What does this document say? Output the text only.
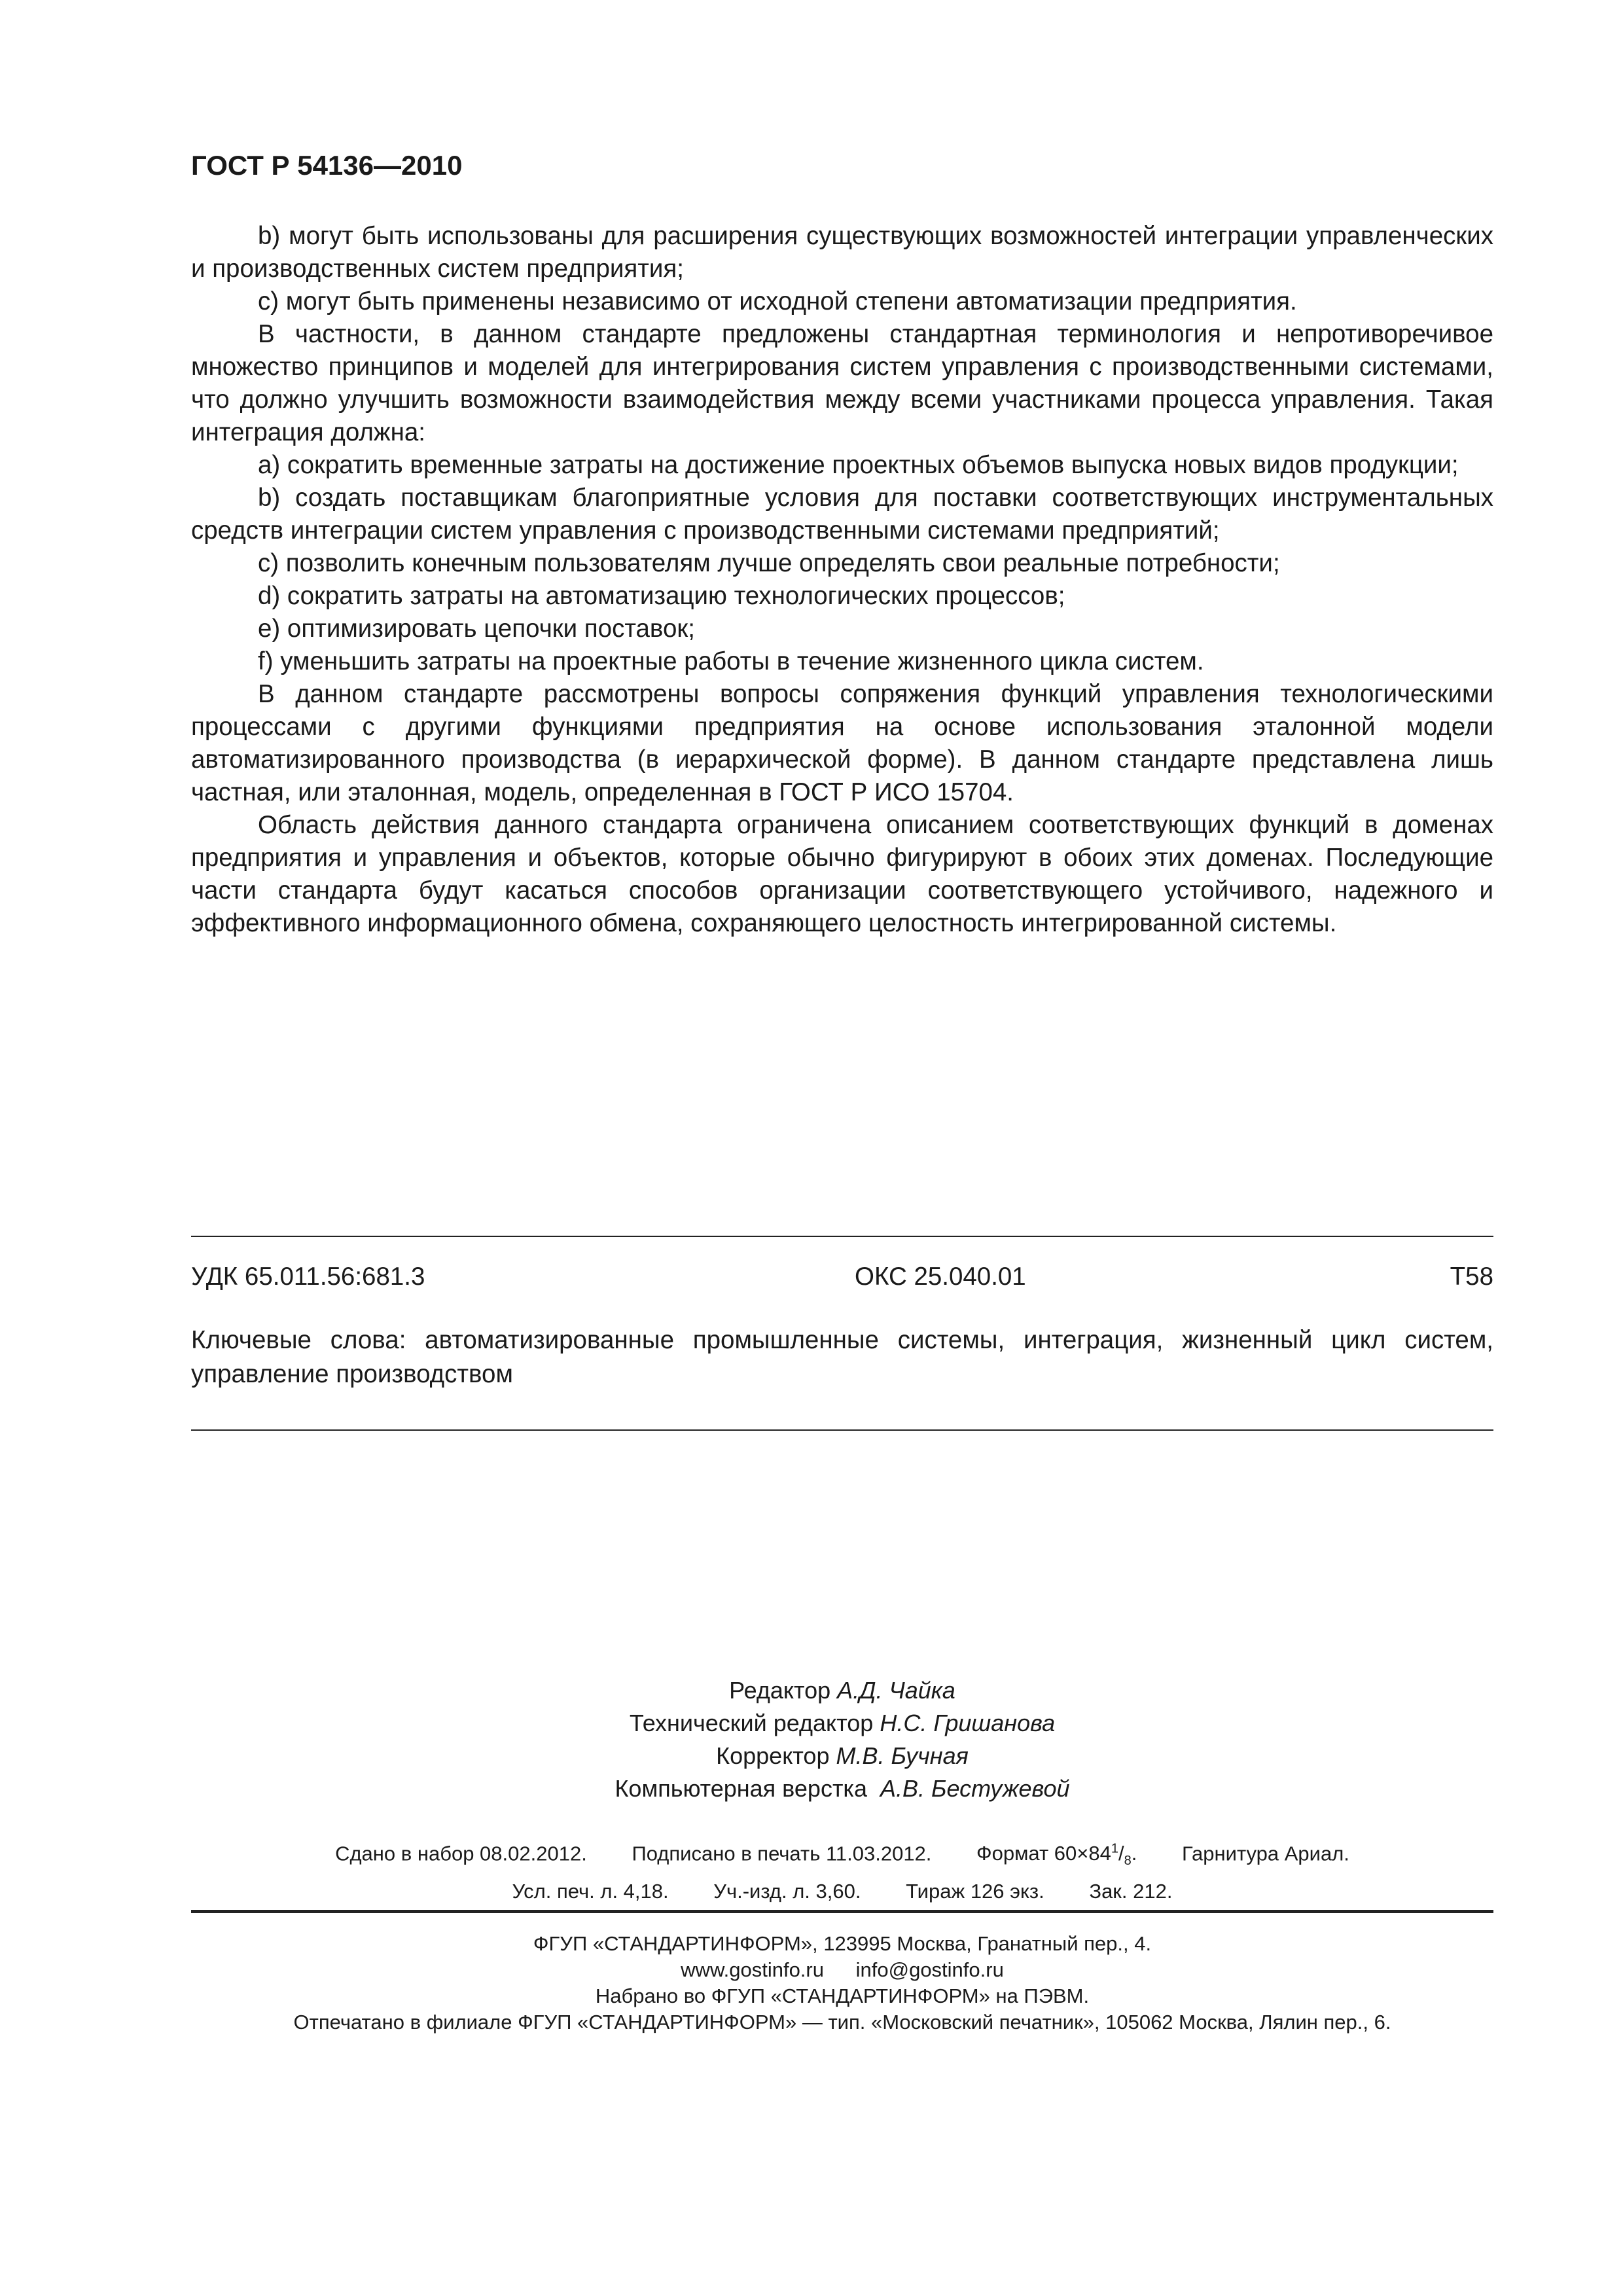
ГОСТ Р 54136—2010

b) могут быть использованы для расширения существующих возможностей интеграции управленческих и производственных систем предприятия;

c) могут быть применены независимо от исходной степени автоматизации предприятия.

В частности, в данном стандарте предложены стандартная терминология и непротиворечивое множество принципов и моделей для интегрирования систем управления с производственными системами, что должно улучшить возможности взаимодействия между всеми участниками процесса управления. Такая интеграция должна:

a) сократить временные затраты на достижение проектных объемов выпуска новых видов продукции;

b) создать поставщикам благоприятные условия для поставки соответствующих инструментальных средств интеграции систем управления с производственными системами предприятий;

c) позволить конечным пользователям лучше определять свои реальные потребности;

d) сократить затраты на автоматизацию технологических процессов;

e) оптимизировать цепочки поставок;

f) уменьшить затраты на проектные работы в течение жизненного цикла систем.

В данном стандарте рассмотрены вопросы сопряжения функций управления технологическими процессами с другими функциями предприятия на основе использования эталонной модели автоматизированного производства (в иерархической форме). В данном стандарте представлена лишь частная, или эталонная, модель, определенная в ГОСТ Р ИСО 15704.

Область действия данного стандарта ограничена описанием соответствующих функций в доменах предприятия и управления и объектов, которые обычно фигурируют в обоих этих доменах. Последующие части стандарта будут касаться способов организации соответствующего устойчивого, надежного и эффективного информационного обмена, сохраняющего целостность интегрированной системы.

УДК 65.011.56:681.3	ОКС 25.040.01	Т58
Ключевые слова: автоматизированные промышленные системы, интеграция, жизненный цикл систем, управление производством
Редактор А.Д. Чайка
Технический редактор Н.С. Гришанова
Корректор М.В. Бучная
Компьютерная верстка А.В. Бестужевой
Сдано в набор 08.02.2012. Подписано в печать 11.03.2012. Формат $60\times 84^1/_8$. Гарнитура Ариал.
Усл. печ. л. 4,18. Уч.-изд. л. 3,60. Тираж 126 экз. Зак. 212.
ФГУП «СТАНДАРТИНФОРМ», 123995 Москва, Гранатный пер., 4.
www.gostinfo.ru info@gostinfo.ru
Набрано во ФГУП «СТАНДАРТИНФОРМ» на ПЭВМ.
Отпечатано в филиале ФГУП «СТАНДАРТИНФОРМ» — тип. «Московский печатник», 105062 Москва, Лялин пер., 6.
